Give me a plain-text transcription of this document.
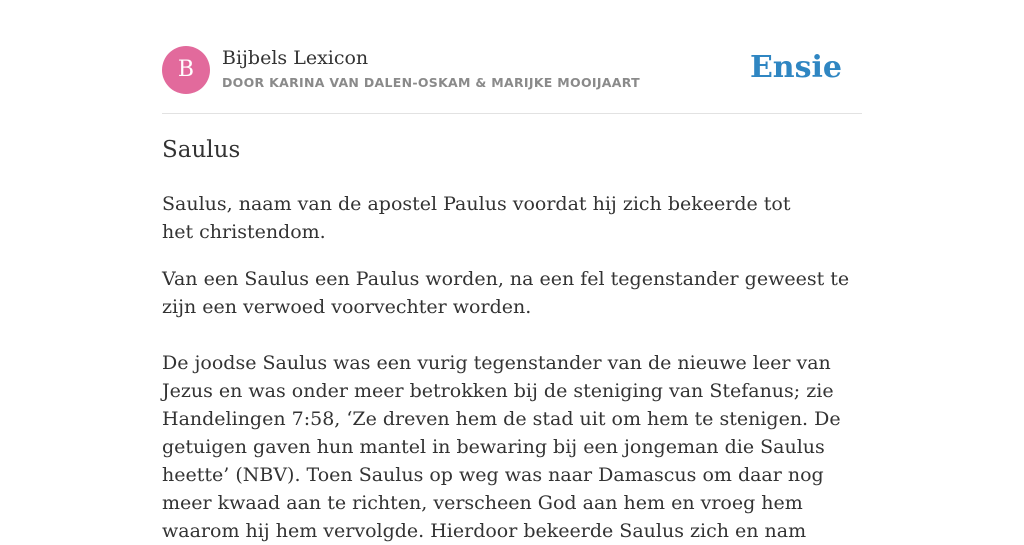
B	Bijbels Lexicon
DOOR KARINA VAN DALEN-OSKAM & MARIJKE MOOIJAART	Ensie
Saulus

Saulus, naam van de apostel Paulus voordat hij zich bekeerde tot het christendom.

Van een Saulus een Paulus worden, na een fel tegenstander geweest te zijn een verwoed voorvechter worden.

De joodse Saulus was een vurig tegenstander van de nieuwe leer van Jezus en was onder meer betrokken bij de steniging van Stefanus; zie Handelingen 7:58, ‘Ze dreven hem de stad uit om hem te stenigen. De getuigen gaven hun mantel in bewaring bij een jongeman die Saulus heette’ (NBV). Toen Saulus op weg was naar Damascus om daar nog meer kwaad aan te richten, verscheen God aan hem en vroeg hem waarom hij hem vervolgde. Hierdoor bekeerde Saulus zich en nam
